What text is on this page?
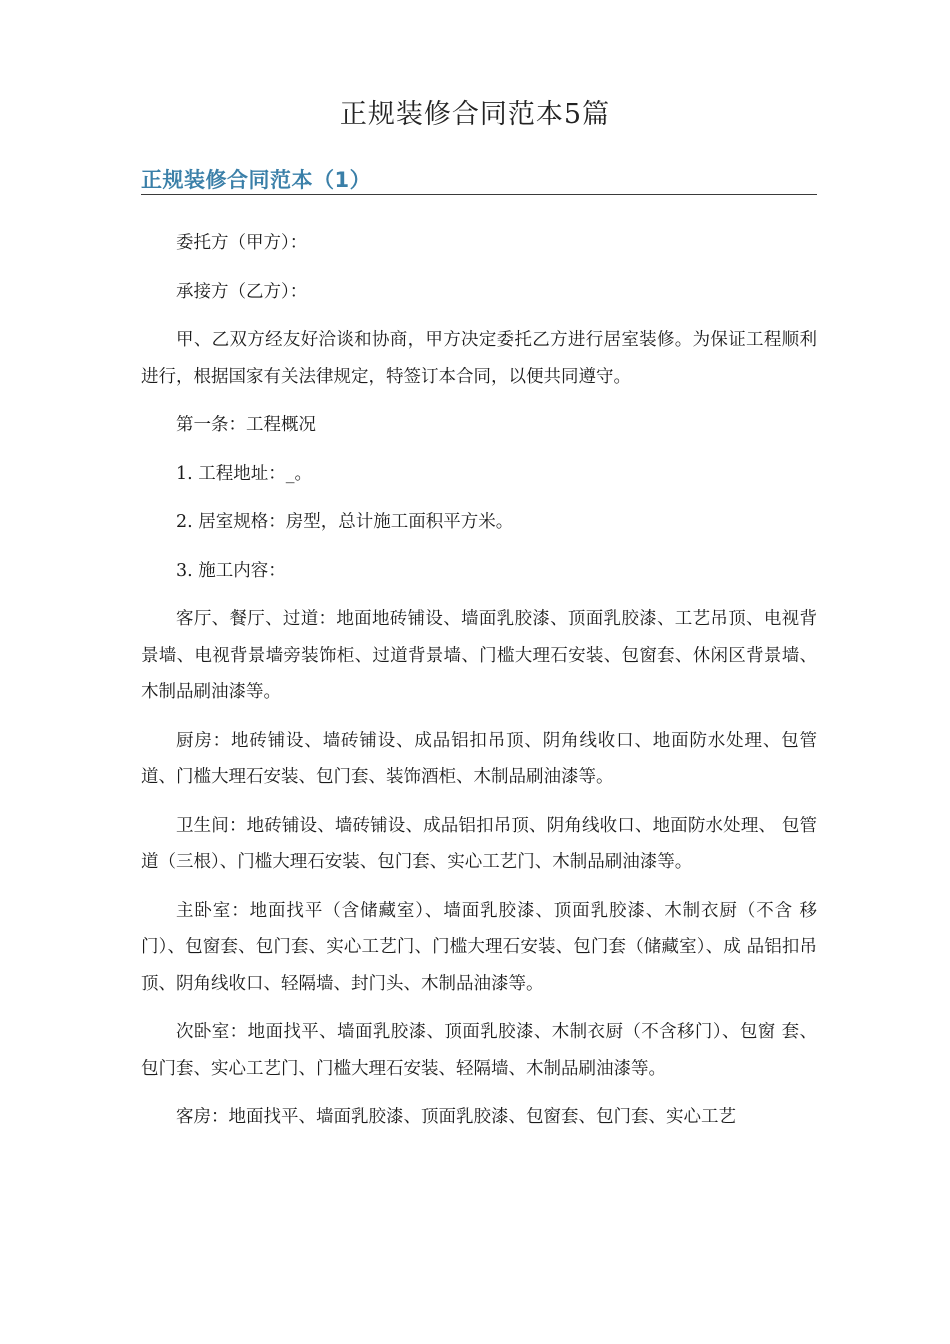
正规装修合同范本5篇
正规装修合同范本（1）

委托方（甲方）：

承接方（乙方）：

甲、乙双方经友好洽谈和协商，甲方决定委托乙方进行居室装修。为保证工程顺利进行，根据国家有关法律规定，特签订本合同，以便共同遵守。

第一条：工程概况

1. 工程地址：_。

2. 居室规格：房型，总计施工面积平方米。

3. 施工内容：

客厅、餐厅、过道：地面地砖铺设、墙面乳胶漆、顶面乳胶漆、工艺吊顶、电视背景墙、电视背景墙旁装饰柜、过道背景墙、门槛大理石安装、包窗套、休闲区背景墙、木制品刷油漆等。

厨房：地砖铺设、墙砖铺设、成品铝扣吊顶、阴角线收口、地面防水处理、包管道、门槛大理石安装、包门套、装饰酒柜、木制品刷油漆等。

卫生间：地砖铺设、墙砖铺设、成品铝扣吊顶、阴角线收口、地面防水处理、 包管道（三根）、门槛大理石安装、包门套、实心工艺门、木制品刷油漆等。

主卧室：地面找平（含储藏室）、墙面乳胶漆、顶面乳胶漆、木制衣厨（不含 移门）、包窗套、包门套、实心工艺门、门槛大理石安装、包门套（储藏室）、成 品铝扣吊顶、阴角线收口、轻隔墙、封门头、木制品油漆等。

次卧室：地面找平、墙面乳胶漆、顶面乳胶漆、木制衣厨（不含移门）、包窗 套、包门套、实心工艺门、门槛大理石安装、轻隔墙、木制品刷油漆等。

客房：地面找平、墙面乳胶漆、顶面乳胶漆、包窗套、包门套、实心工艺
